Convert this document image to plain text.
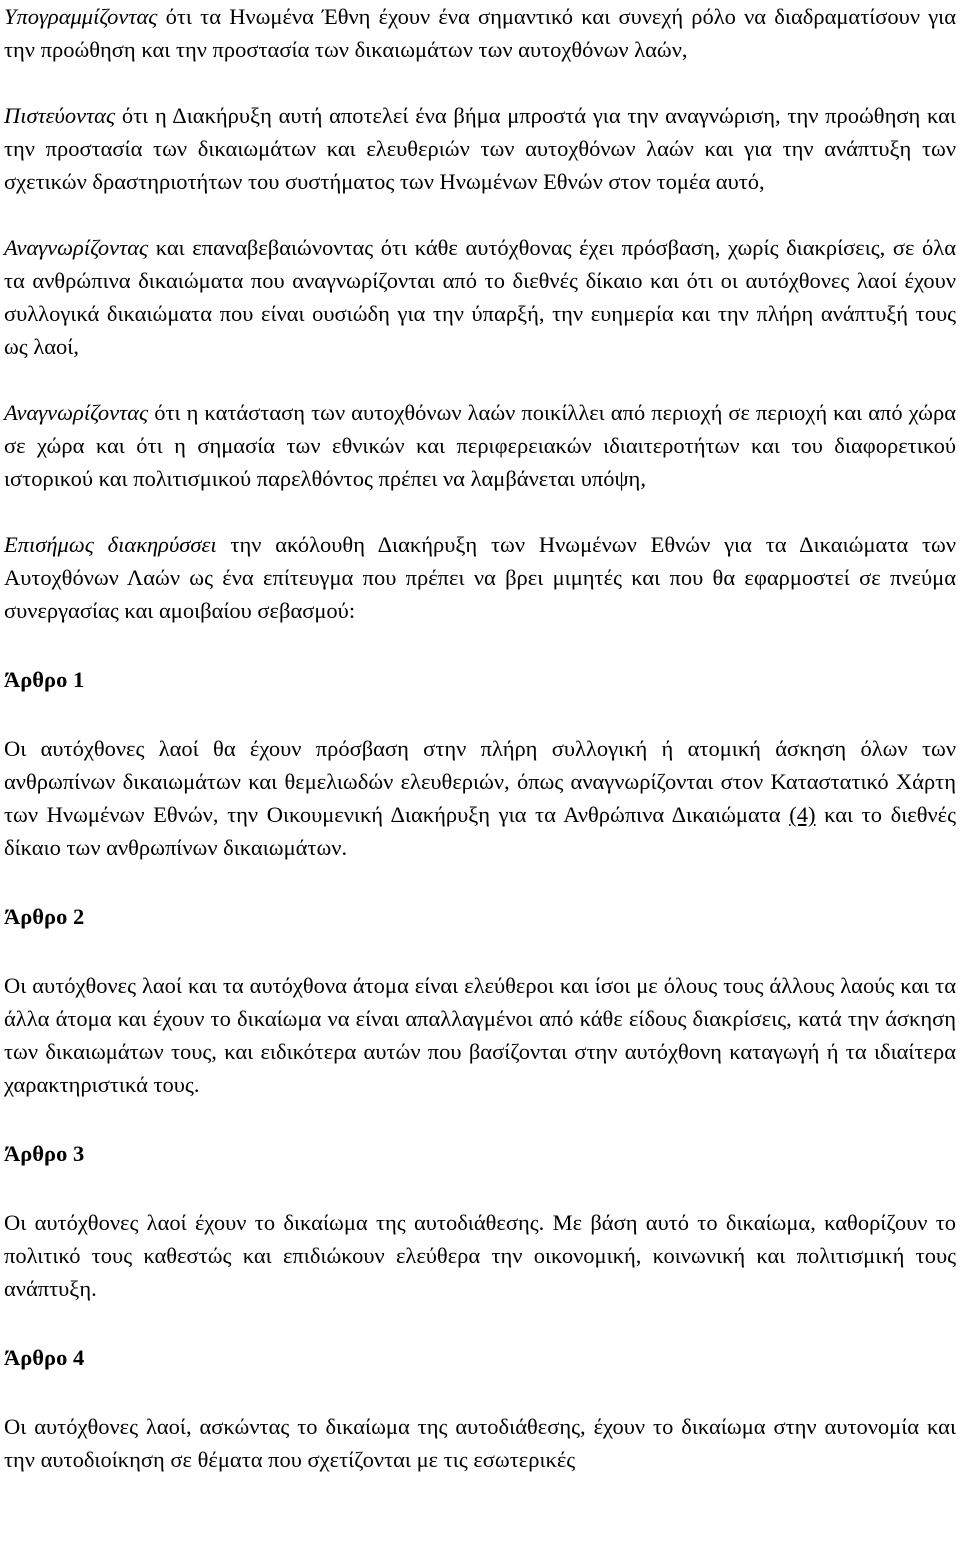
Υπογραμμίζοντας ότι τα Ηνωμένα Έθνη έχουν ένα σημαντικό και συνεχή ρόλο να διαδραματίσουν για την προώθηση και την προστασία των δικαιωμάτων των αυτοχθόνων λαών,

Πιστεύοντας ότι η Διακήρυξη αυτή αποτελεί ένα βήμα μπροστά για την αναγνώριση, την προώθηση και την προστασία των δικαιωμάτων και ελευθεριών των αυτοχθόνων λαών και για την ανάπτυξη των σχετικών δραστηριοτήτων του συστήματος των Ηνωμένων Εθνών στον τομέα αυτό,

Αναγνωρίζοντας και επαναβεβαιώνοντας ότι κάθε αυτόχθονας έχει πρόσβαση, χωρίς διακρίσεις, σε όλα τα ανθρώπινα δικαιώματα που αναγνωρίζονται από το διεθνές δίκαιο και ότι οι αυτόχθονες λαοί έχουν συλλογικά δικαιώματα που είναι ουσιώδη για την ύπαρξή, την ευημερία και την πλήρη ανάπτυξή τους ως λαοί,

Αναγνωρίζοντας ότι η κατάσταση των αυτοχθόνων λαών ποικίλλει από περιοχή σε περιοχή και από χώρα σε χώρα και ότι η σημασία των εθνικών και περιφερειακών ιδιαιτεροτήτων και του διαφορετικού ιστορικού και πολιτισμικού παρελθόντος πρέπει να λαμβάνεται υπόψη,

Επισήμως διακηρύσσει την ακόλουθη Διακήρυξη των Ηνωμένων Εθνών για τα Δικαιώματα των Αυτοχθόνων Λαών ως ένα επίτευγμα που πρέπει να βρει μιμητές και που θα εφαρμοστεί σε πνεύμα συνεργασίας και αμοιβαίου σεβασμού:

Άρθρο 1

Οι αυτόχθονες λαοί θα έχουν πρόσβαση στην πλήρη συλλογική ή ατομική άσκηση όλων των ανθρωπίνων δικαιωμάτων και θεμελιωδών ελευθεριών, όπως αναγνωρίζονται στον Καταστατικό Χάρτη των Ηνωμένων Εθνών, την Οικουμενική Διακήρυξη για τα Ανθρώπινα Δικαιώματα (4) και το διεθνές δίκαιο των ανθρωπίνων δικαιωμάτων.

Άρθρο 2

Οι αυτόχθονες λαοί και τα αυτόχθονα άτομα είναι ελεύθεροι και ίσοι με όλους τους άλλους λαούς και τα άλλα άτομα και έχουν το δικαίωμα να είναι απαλλαγμένοι από κάθε είδους διακρίσεις, κατά την άσκηση των δικαιωμάτων τους, και ειδικότερα αυτών που βασίζονται στην αυτόχθονη καταγωγή ή τα ιδιαίτερα χαρακτηριστικά τους.

Άρθρο 3

Οι αυτόχθονες λαοί έχουν το δικαίωμα της αυτοδιάθεσης. Με βάση αυτό το δικαίωμα, καθορίζουν το πολιτικό τους καθεστώς και επιδιώκουν ελεύθερα την οικονομική, κοινωνική και πολιτισμική τους ανάπτυξη.

Άρθρο 4

Οι αυτόχθονες λαοί, ασκώντας το δικαίωμα της αυτοδιάθεσης, έχουν το δικαίωμα στην αυτονομία και την αυτοδιοίκηση σε θέματα που σχετίζονται με τις εσωτερικές
